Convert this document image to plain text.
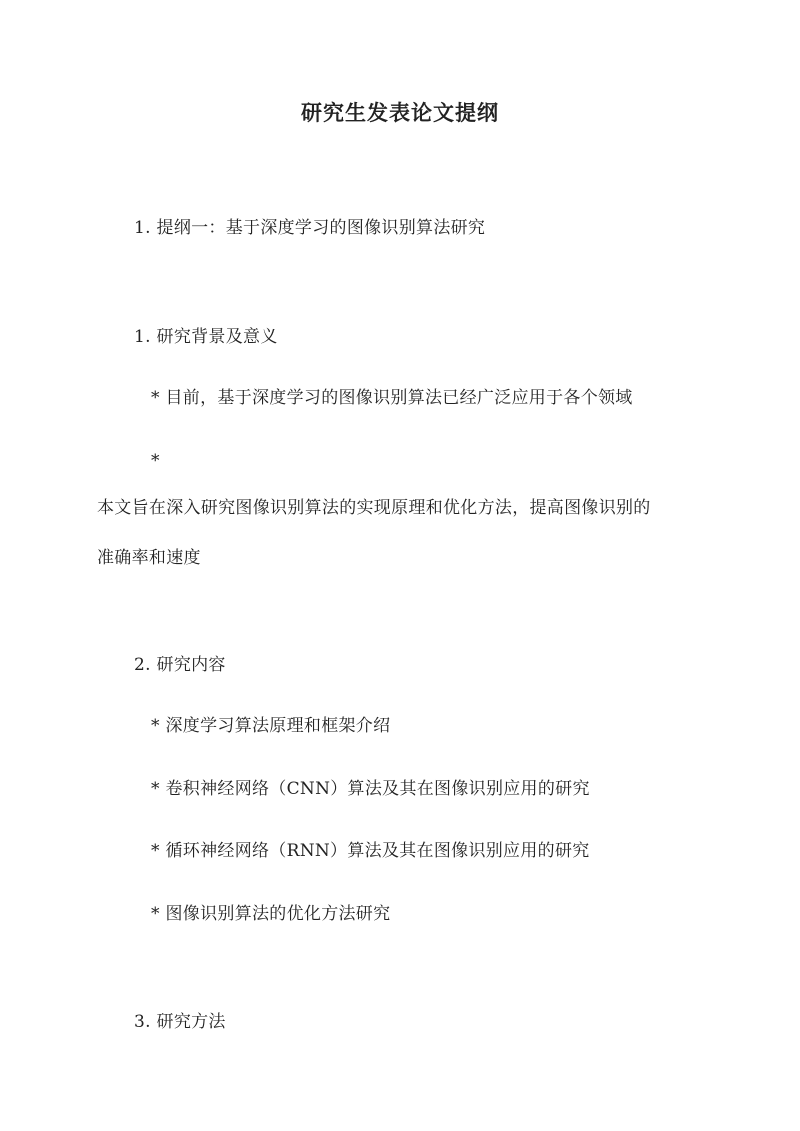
研究生发表论文提纲
1. 提纲一：基于深度学习的图像识别算法研究
1. 研究背景及意义
* 目前，基于深度学习的图像识别算法已经广泛应用于各个领域
*
本文旨在深入研究图像识别算法的实现原理和优化方法，提高图像识别的
准确率和速度
2. 研究内容
* 深度学习算法原理和框架介绍
* 卷积神经网络（CNN）算法及其在图像识别应用的研究
* 循环神经网络（RNN）算法及其在图像识别应用的研究
* 图像识别算法的优化方法研究
3. 研究方法
